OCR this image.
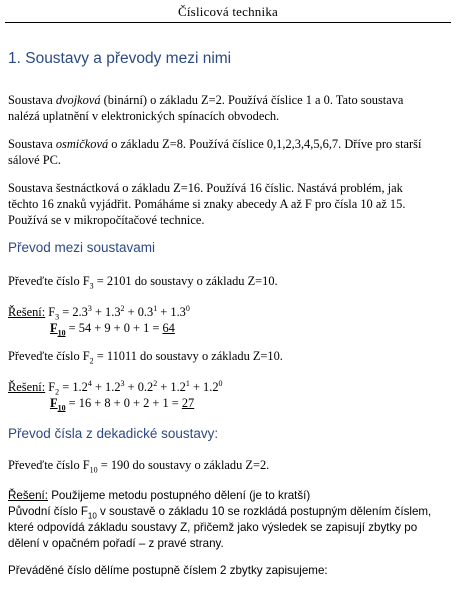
Číslicová technika
1. Soustavy a převody mezi nimi
Soustava dvojková (binární) o základu Z=2. Používá číslice 1 a 0. Tato soustava
nalézá uplatnění v elektronických spínacích obvodech.
Soustava osmičková o základu Z=8. Používá číslice 0,1,2,3,4,5,6,7. Dříve pro starší
sálové PC.
Soustava šestnáctková o základu Z=16. Používá 16 číslic. Nastává problém, jak
těchto 16 znaků vyjádřit. Pomáháme si znaky abecedy A až F pro čísla 10 až 15.
Používá se v mikropočítačové technice.
Převod mezi soustavami
Převeďte číslo $F_3 = 2101$ do soustavy o základu Z=10.
Řešení: $F_3 = 2.3^3 + 1.3^2 + 0.3^1 + 1.3^0$
$F_{10} = 54 + 9 + 0 + 1 = 64$
Převeďte číslo $F_2 = 11011$ do soustavy o základu Z=10.
Řešení: $F_2 = 1.2^4 + 1.2^3 + 0.2^2 + 1.2^1 + 1.2^0$
$F_{10} = 16 + 8 + 0 + 2 + 1 = 27$
Převod čísla z dekadické soustavy:
Převeďte číslo $F_{10} = 190$ do soustavy o základu Z=2.
Řešení: Použijeme metodu postupného dělení (je to kratší)
Původní číslo $F_{10}$ v soustavě o základu 10 se rozkládá postupným dělením číslem,
které odpovídá základu soustavy Z, přičemž jako výsledek se zapisují zbytky po
dělení v opačném pořadí – z pravé strany.
Převáděné číslo dělíme postupně číslem 2 zbytky zapisujeme:
